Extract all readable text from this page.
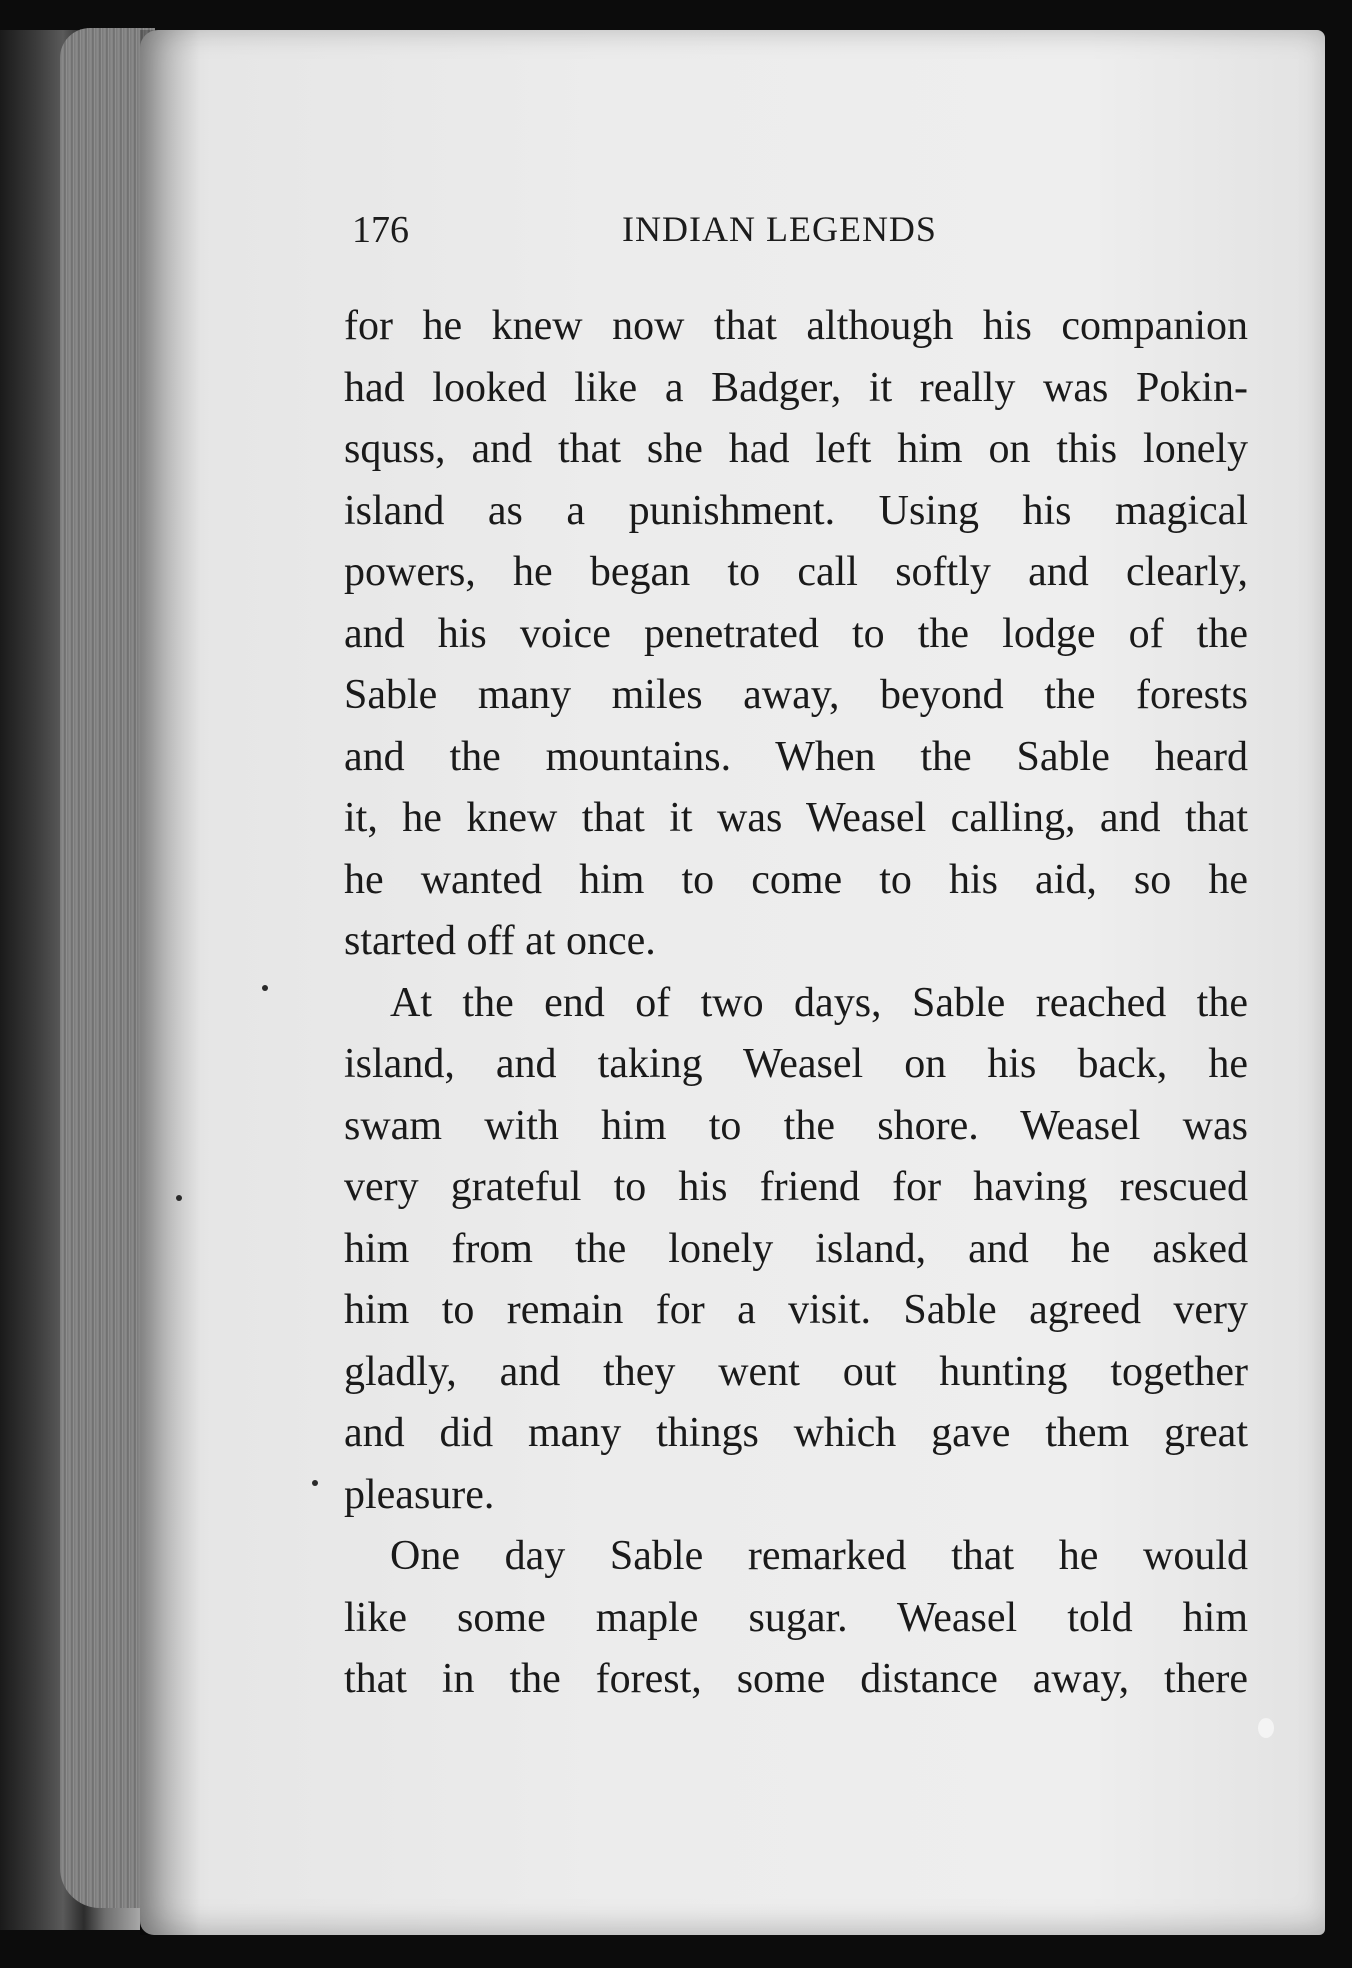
176	INDIAN LEGENDS
for he knew now that although his companion
had looked like a Badger, it really was Pokin-
squss, and that she had left him on this lonely
island as a punishment. Using his magical
powers, he began to call softly and clearly,
and his voice penetrated to the lodge of the
Sable many miles away, beyond the forests
and the mountains. When the Sable heard
it, he knew that it was Weasel calling, and that
he wanted him to come to his aid, so he
started off at once.
At the end of two days, Sable reached the
island, and taking Weasel on his back, he
swam with him to the shore. Weasel was
very grateful to his friend for having rescued
him from the lonely island, and he asked
him to remain for a visit. Sable agreed very
gladly, and they went out hunting together
and did many things which gave them great
pleasure.
One day Sable remarked that he would
like some maple sugar. Weasel told him
that in the forest, some distance away, there
